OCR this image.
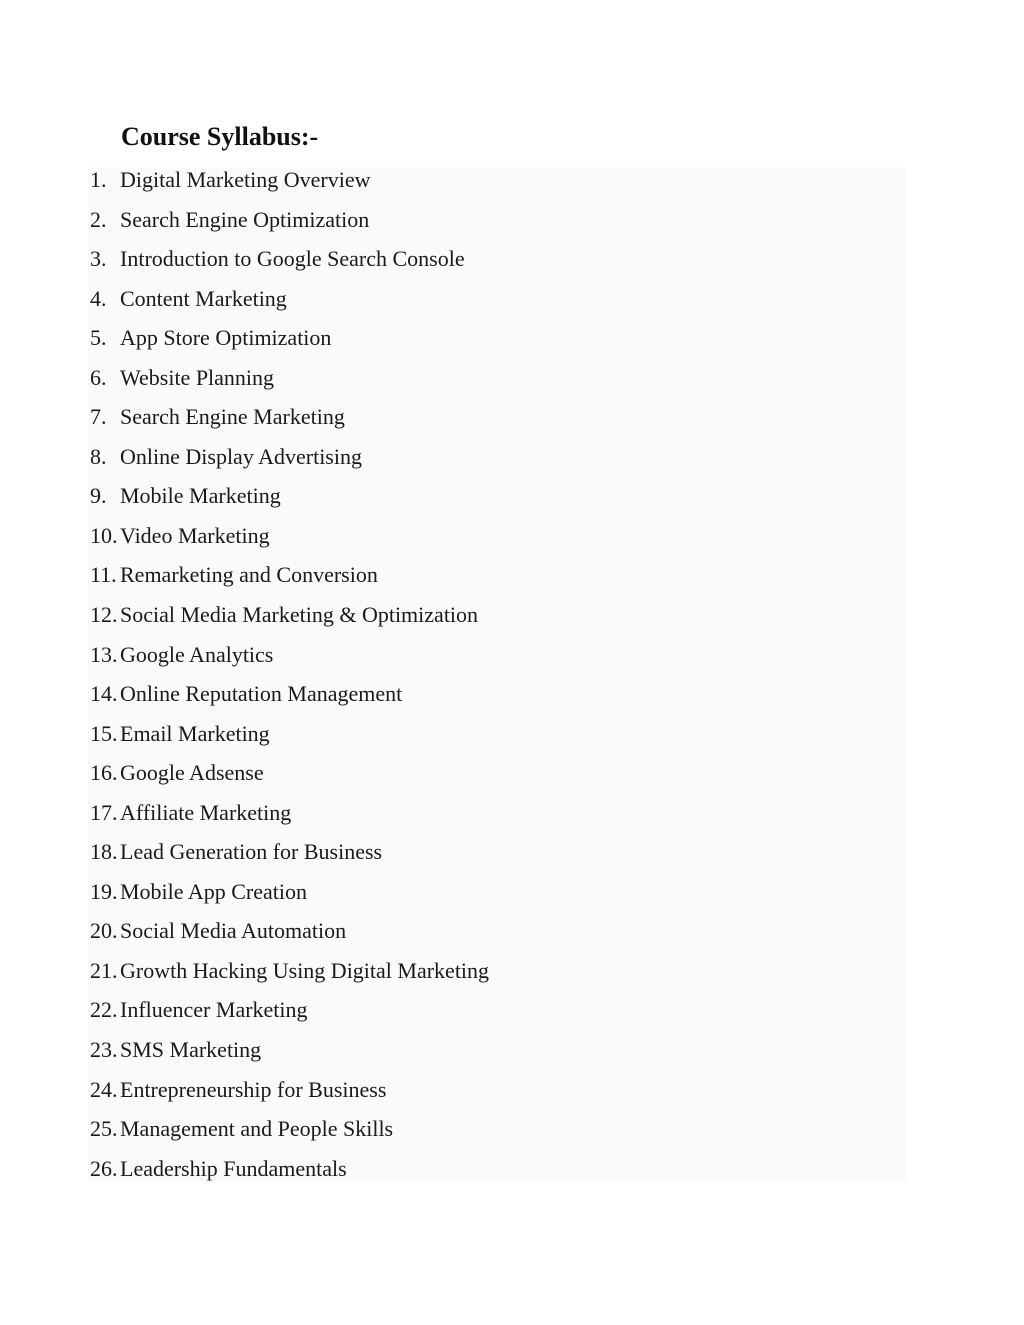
Course Syllabus:-
1. Digital Marketing Overview
2. Search Engine Optimization
3. Introduction to Google Search Console
4. Content Marketing
5. App Store Optimization
6. Website Planning
7. Search Engine Marketing
8. Online Display Advertising
9. Mobile Marketing
10. Video Marketing
11. Remarketing and Conversion
12. Social Media Marketing & Optimization
13. Google Analytics
14. Online Reputation Management
15. Email Marketing
16. Google Adsense
17. Affiliate Marketing
18. Lead Generation for Business
19. Mobile App Creation
20. Social Media Automation
21. Growth Hacking Using Digital Marketing
22. Influencer Marketing
23. SMS Marketing
24. Entrepreneurship for Business
25. Management and People Skills
26. Leadership Fundamentals
